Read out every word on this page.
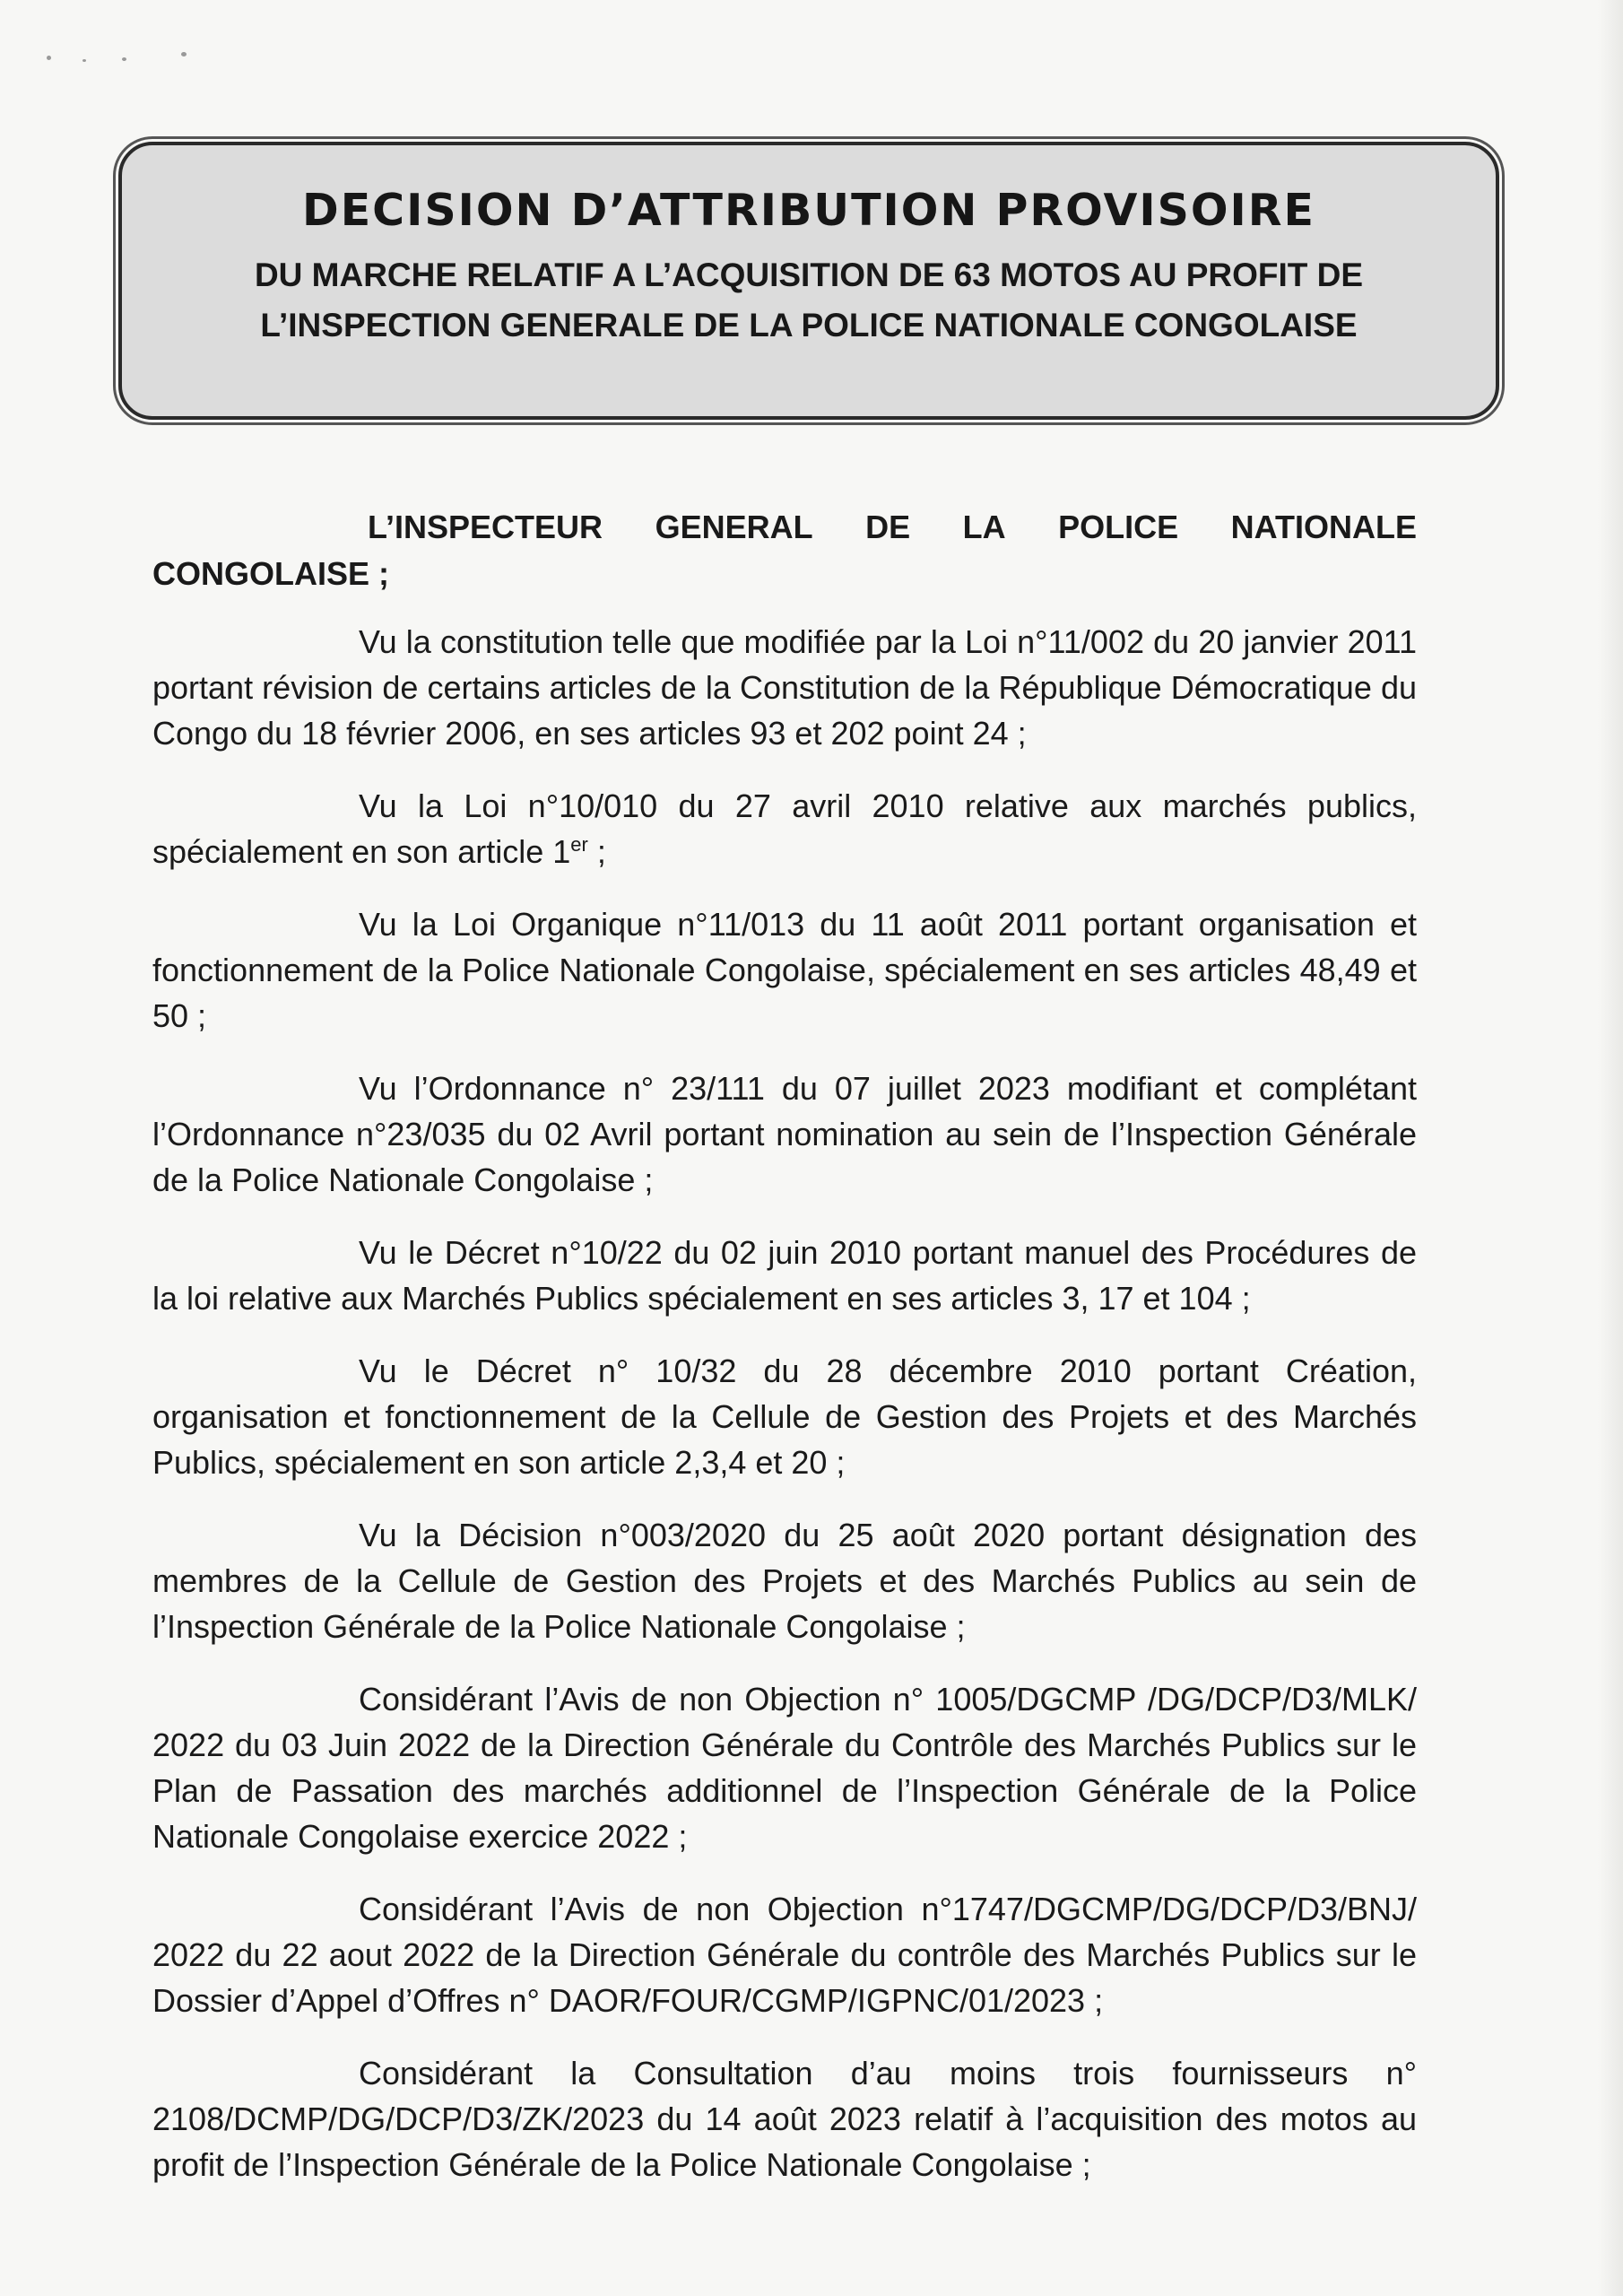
DECISION D’ATTRIBUTION PROVISOIRE
DU MARCHE RELATIF A L’ACQUISITION DE 63 MOTOS AU PROFIT DE
L’INSPECTION GENERALE DE LA POLICE NATIONALE CONGOLAISE
L’INSPECTEUR GENERAL DE LA POLICE NATIONALE
CONGOLAISE ;

Vu la constitution telle que modifiée par la Loi n°11/002 du 20 janvier 2011 portant révision de certains articles de la Constitution de la République Démocratique du Congo du 18 février 2006, en ses articles 93 et 202 point 24 ;

Vu la Loi n°10/010 du 27 avril 2010 relative aux marchés publics, spécialement en son article 1er ;

Vu la Loi Organique n°11/013 du 11 août 2011 portant organisation et fonctionnement de la Police Nationale Congolaise, spécialement en ses articles 48,49 et 50 ;

Vu l’Ordonnance n° 23/111 du 07 juillet 2023 modifiant et complétant l’Ordonnance n°23/035 du 02 Avril portant nomination au sein de l’Inspection Générale de la Police Nationale Congolaise ;

Vu le Décret n°10/22 du 02 juin 2010 portant manuel des Procédures de la loi relative aux Marchés Publics spécialement en ses articles 3, 17 et 104 ;

Vu le Décret n° 10/32 du 28 décembre 2010 portant Création, organisation et fonctionnement de la Cellule de Gestion des Projets et des Marchés Publics, spécialement en son article 2,3,4 et 20 ;

Vu la Décision n°003/2020 du 25 août 2020 portant désignation des membres de la Cellule de Gestion des Projets et des Marchés Publics au sein de l’Inspection Générale de la Police Nationale Congolaise ;

Considérant l’Avis de non Objection n° 1005/DGCMP /DG/DCP/D3/MLK/ 2022 du 03 Juin 2022 de la Direction Générale du Contrôle des Marchés Publics sur le Plan de Passation des marchés additionnel de l’Inspection Générale de la Police Nationale Congolaise exercice 2022 ;

Considérant l’Avis de non Objection n°1747/DGCMP/DG/DCP/D3/BNJ/ 2022 du 22 aout 2022 de la Direction Générale du contrôle des Marchés Publics sur le Dossier d’Appel d’Offres n° DAOR/FOUR/CGMP/IGPNC/01/2023 ;

Considérant la Consultation d’au moins trois fournisseurs n° 2108/DCMP/DG/DCP/D3/ZK/2023 du 14 août 2023 relatif à l’acquisition des motos au profit de l’Inspection Générale de la Police Nationale Congolaise ;
